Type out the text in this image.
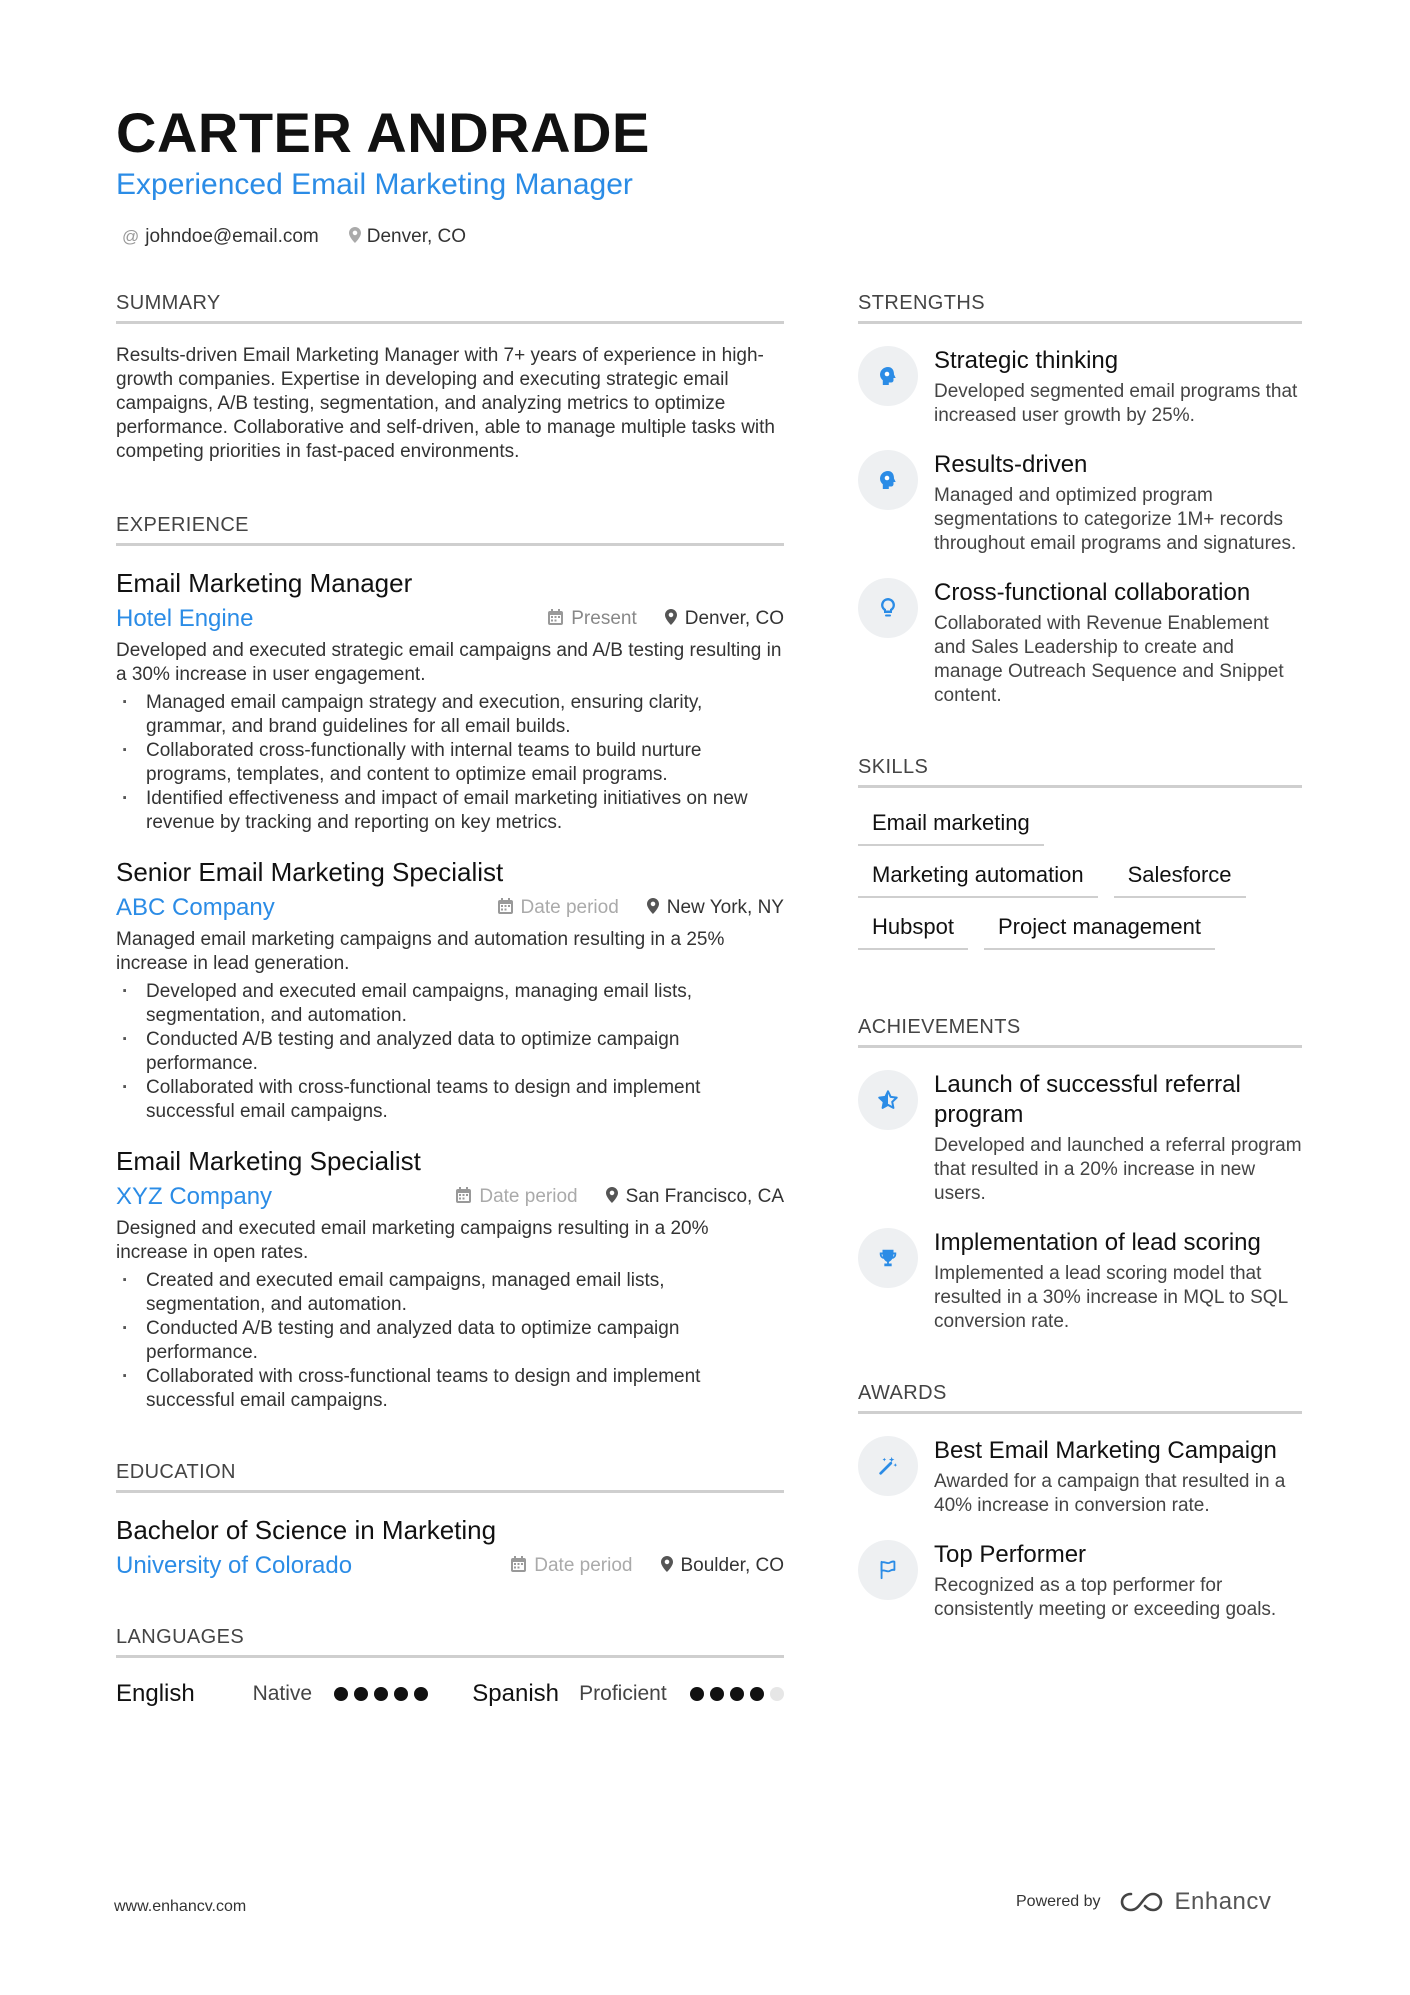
CARTER ANDRADE
Experienced Email Marketing Manager
@ johndoe@email.com	Denver, CO
SUMMARY
Results-driven Email Marketing Manager with 7+ years of experience in high-growth companies. Expertise in developing and executing strategic email campaigns, A/B testing, segmentation, and analyzing metrics to optimize performance. Collaborative and self-driven, able to manage multiple tasks with competing priorities in fast-paced environments.
EXPERIENCE
Email Marketing Manager
Hotel Engine	Present	Denver, CO
Developed and executed strategic email campaigns and A/B testing resulting in a 30% increase in user engagement.
· Managed email campaign strategy and execution, ensuring clarity, grammar, and brand guidelines for all email builds.
· Collaborated cross-functionally with internal teams to build nurture programs, templates, and content to optimize email programs.
· Identified effectiveness and impact of email marketing initiatives on new revenue by tracking and reporting on key metrics.
Senior Email Marketing Specialist
ABC Company	Date period	New York, NY
Managed email marketing campaigns and automation resulting in a 25% increase in lead generation.
· Developed and executed email campaigns, managing email lists, segmentation, and automation.
· Conducted A/B testing and analyzed data to optimize campaign performance.
· Collaborated with cross-functional teams to design and implement successful email campaigns.
Email Marketing Specialist
XYZ Company	Date period	San Francisco, CA
Designed and executed email marketing campaigns resulting in a 20% increase in open rates.
· Created and executed email campaigns, managed email lists, segmentation, and automation.
· Conducted A/B testing and analyzed data to optimize campaign performance.
· Collaborated with cross-functional teams to design and implement successful email campaigns.
EDUCATION
Bachelor of Science in Marketing
University of Colorado	Date period	Boulder, CO
LANGUAGES
English	Native	Spanish Proficient
STRENGTHS
Strategic thinking
Developed segmented email programs that increased user growth by 25%.
Results-driven
Managed and optimized program segmentations to categorize 1M+ records throughout email programs and signatures.
Cross-functional collaboration
Collaborated with Revenue Enablement and Sales Leadership to create and manage Outreach Sequence and Snippet content.
SKILLS
Email marketing
Marketing automation	Salesforce
Hubspot	Project management
ACHIEVEMENTS
Launch of successful referral program
Developed and launched a referral program that resulted in a 20% increase in new users.
Implementation of lead scoring
Implemented a lead scoring model that resulted in a 30% increase in MQL to SQL conversion rate.
AWARDS
Best Email Marketing Campaign
Awarded for a campaign that resulted in a 40% increase in conversion rate.
Top Performer
Recognized as a top performer for consistently meeting or exceeding goals.
www.enhancv.com	Powered by	Enhancv
